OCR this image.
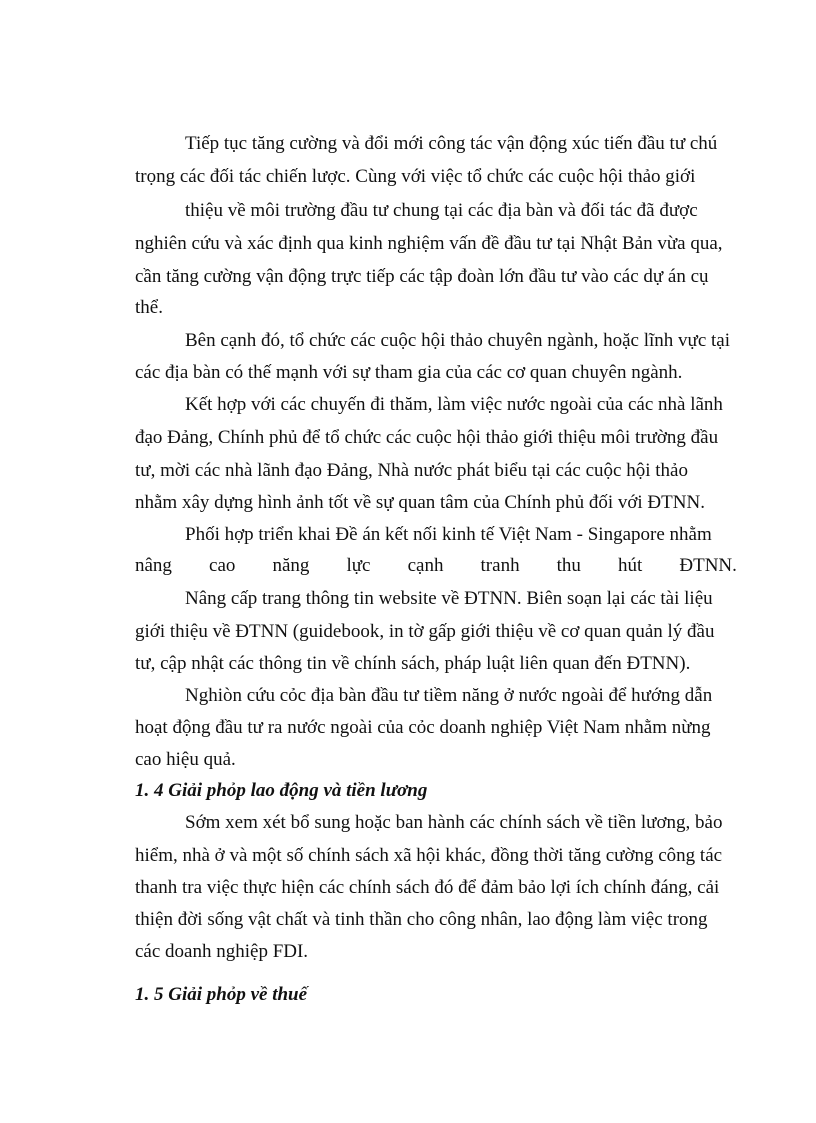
Tiếp tục tăng cường và đổi mới công tác vận động xúc tiến đầu tư chú
trọng các đối tác chiến lược. Cùng với việc tổ chức các cuộc hội thảo giới
thiệu về môi trường đầu tư chung tại các địa bàn và đối tác đã được
nghiên cứu và xác định qua kinh nghiệm vấn đề đầu tư tại Nhật Bản vừa qua,
cần tăng cường vận động trực tiếp các tập đoàn lớn đầu tư vào các dự án cụ
thể.
Bên cạnh đó, tổ chức các cuộc hội thảo chuyên ngành, hoặc lĩnh vực tại
các địa bàn có thế mạnh với sự tham gia của các cơ quan chuyên ngành.
Kết hợp với các chuyến đi thăm, làm việc nước ngoài của các nhà lãnh
đạo Đảng, Chính phủ để tổ chức các cuộc hội thảo giới thiệu môi trường đầu
tư, mời các nhà lãnh đạo Đảng, Nhà nước phát biểu tại các cuộc hội thảo
nhằm xây dựng hình ảnh tốt về sự quan tâm của Chính phủ đối với ĐTNN.
Phối hợp triển khai Đề án kết nối kinh tế Việt Nam - Singapore nhằm
nâng cao năng lực cạnh tranh thu hút ĐTNN.
Nâng cấp trang thông tin website về ĐTNN. Biên soạn lại các tài liệu
giới thiệu về ĐTNN (guidebook, in tờ gấp giới thiệu về cơ quan quản lý đầu
tư, cập nhật các thông tin về chính sách, pháp luật liên quan đến ĐTNN).
Nghiòn cứu cỏc địa bàn đầu tư tiềm năng ở nước ngoài để hướng dẫn
hoạt động đầu tư ra nước ngoài của cỏc doanh nghiệp Việt Nam nhằm nừng
cao hiệu quả.
1. 4 Giải phỏp lao động và tiền lương
Sớm xem xét bổ sung hoặc ban hành các chính sách về tiền lương, bảo
hiểm, nhà ở và một số chính sách xã hội khác, đồng thời tăng cường công tác
thanh tra việc thực hiện các chính sách đó để đảm bảo lợi ích chính đáng, cải
thiện đời sống vật chất và tinh thần cho công nhân, lao động làm việc trong
các doanh nghiệp FDI.
1. 5 Giải phỏp về thuế
